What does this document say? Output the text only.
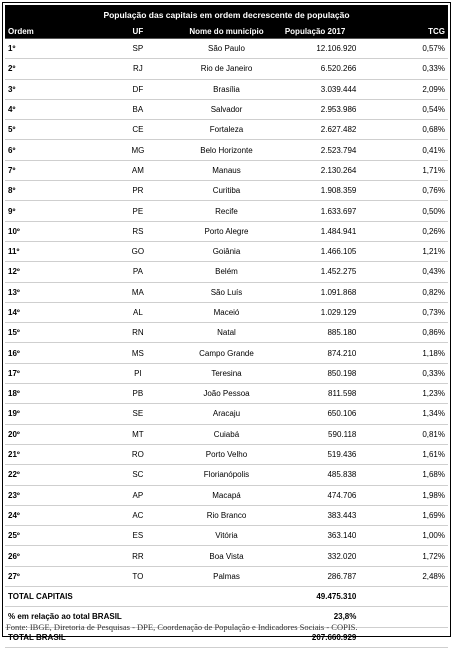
População das capitais em ordem decrescente de população				
Ordem	UF	Nome do município	População 2017	TCG
1º	SP	São Paulo	12.106.920	0,57%
2º	RJ	Rio de Janeiro	6.520.266	0,33%
3º	DF	Brasília	3.039.444	2,09%
4º	BA	Salvador	2.953.986	0,54%
5º	CE	Fortaleza	2.627.482	0,68%
6º	MG	Belo Horizonte	2.523.794	0,41%
7º	AM	Manaus	2.130.264	1,71%
8º	PR	Curitiba	1.908.359	0,76%
9º	PE	Recife	1.633.697	0,50%
10º	RS	Porto Alegre	1.484.941	0,26%
11º	GO	Goiânia	1.466.105	1,21%
12º	PA	Belém	1.452.275	0,43%
13º	MA	São Luís	1.091.868	0,82%
14º	AL	Maceió	1.029.129	0,73%
15º	RN	Natal	885.180	0,86%
16º	MS	Campo Grande	874.210	1,18%
17º	PI	Teresina	850.198	0,33%
18º	PB	João Pessoa	811.598	1,23%
19º	SE	Aracaju	650.106	1,34%
20º	MT	Cuiabá	590.118	0,81%
21º	RO	Porto Velho	519.436	1,61%
22º	SC	Florianópolis	485.838	1,68%
23º	AP	Macapá	474.706	1,98%
24º	AC	Rio Branco	383.443	1,69%
25º	ES	Vitória	363.140	1,00%
26º	RR	Boa Vista	332.020	1,72%
27º	TO	Palmas	286.787	2,48%
TOTAL CAPITAIS			49.475.310	
% em relação ao total BRASIL			23,8%	
TOTAL BRASIL			207.660.929	
Fonte: IBGE, Diretoria de Pesquisas - DPE, Coordenação de População e Indicadores Sociais - COPIS.
